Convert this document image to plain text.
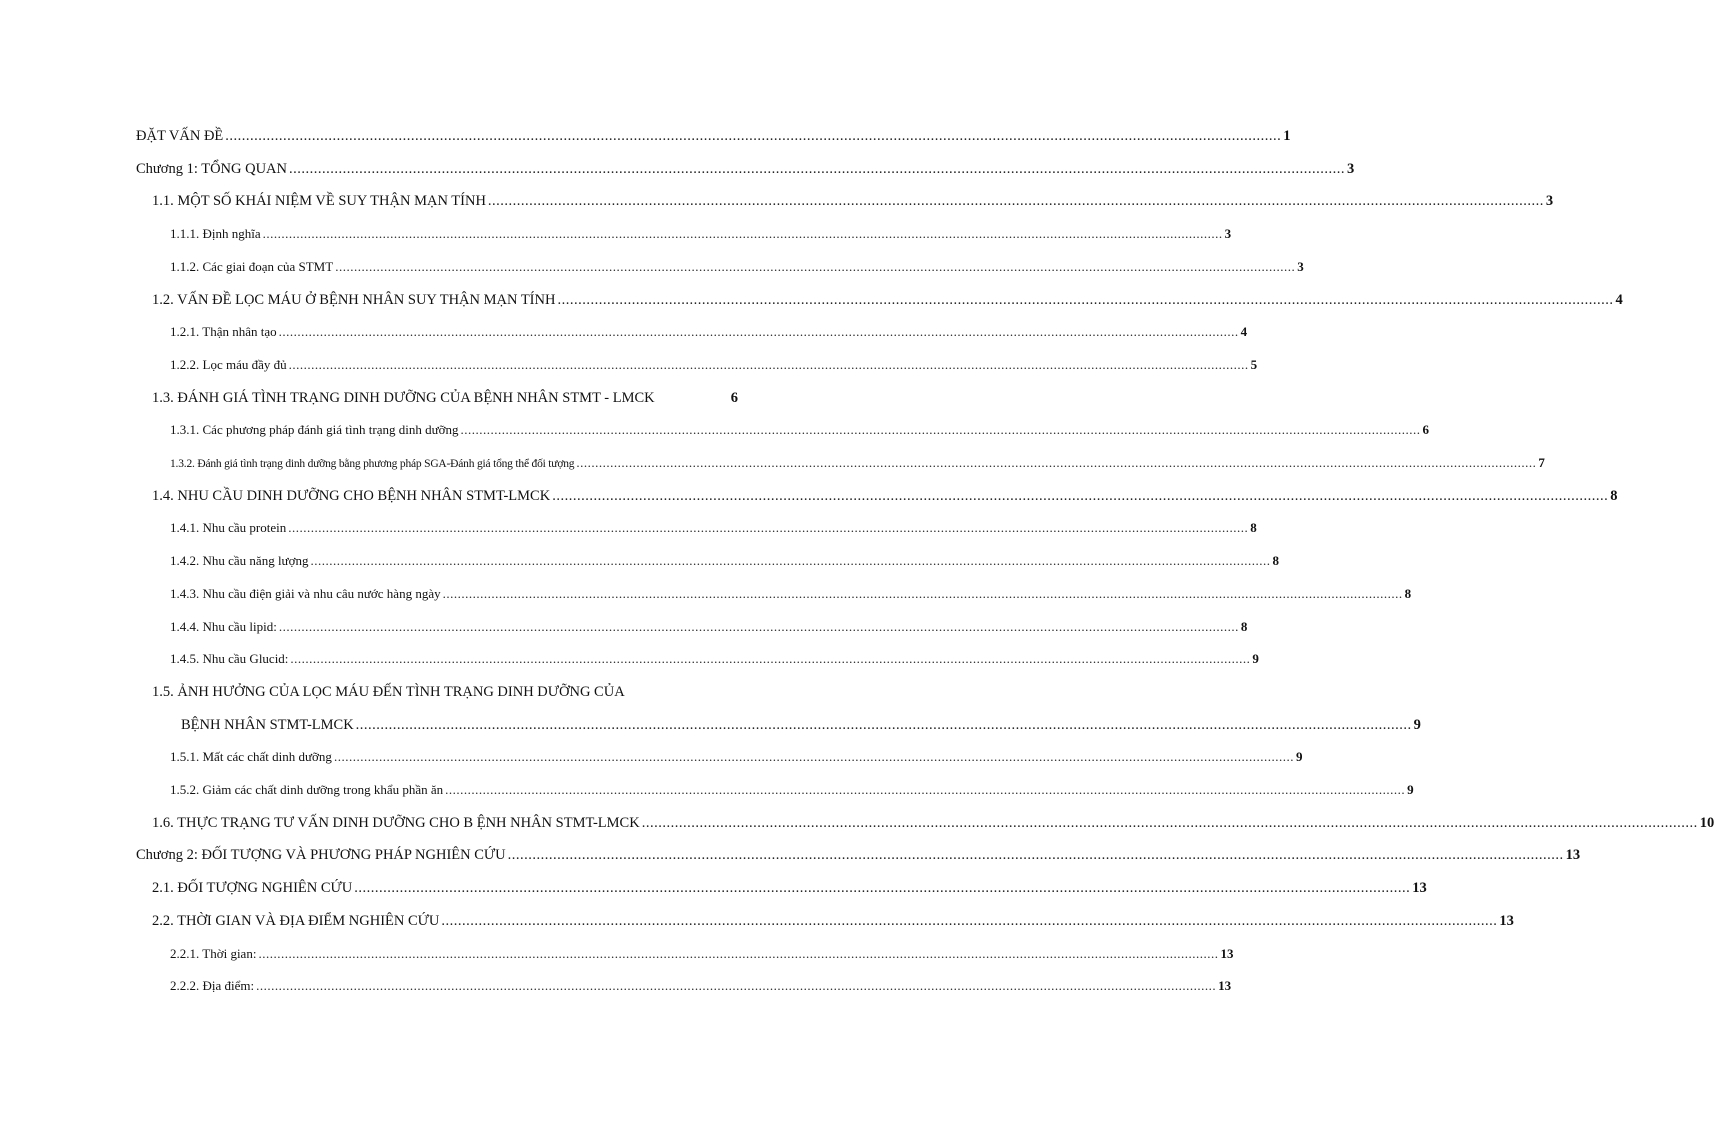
ĐẶT VẤN ĐỀ .....	1
Chương 1: TỔNG QUAN .....	3
1.1. MỘT SỐ KHÁI NIỆM VỀ SUY THẬN MẠN TÍNH .....	3
1.1.1. Định nghĩa .....	3
1.1.2. Các giai đoạn của STMT .....	3
1.2. VẤN ĐỀ LỌC MÁU Ở BỆNH NHÂN SUY THẬN MẠN TÍNH .....	4
1.2.1. Thận nhân tạo .....	4
1.2.2. Lọc máu đầy đủ .....	5
1.3. ĐÁNH GIÁ TÌNH TRẠNG DINH DƯỠNG CỦA BỆNH NHÂN STMT - LMCK	6
1.3.1. Các phương pháp đánh giá tình trạng dinh dưỡng .....	6
1.3.2. Đánh giá tình trạng dinh dưỡng bằng phương pháp SGA-Đánh giá tổng thể đối tượng .....	7
1.4. NHU CẦU DINH DƯỠNG CHO BỆNH NHÂN STMT-LMCK .....	8
1.4.1. Nhu cầu protein .....	8
1.4.2. Nhu cầu năng lượng .....	8
1.4.3. Nhu cầu điện giải và nhu câu nước hàng ngày .....	8
1.4.4. Nhu cầu lipid: .....	8
1.4.5. Nhu cầu Glucid: .....	9
1.5. ẢNH HƯỞNG CỦA LỌC MÁU ĐẾN TÌNH TRẠNG DINH DƯỠNG CỦA
BỆNH NHÂN STMT-LMCK .....	9
1.5.1. Mất các chất dinh dưỡng .....	9
1.5.2. Giảm các chất dinh dưỡng trong khẩu phần ăn .....	9
1.6. THỰC TRẠNG TƯ VẤN DINH DƯỠNG CHO B ỆNH NHÂN STMT-LMCK .....	10
Chương 2: ĐỐI TƯỢNG VÀ PHƯƠNG PHÁP NGHIÊN CỨU .....	13
2.1. ĐỐI TƯỢNG NGHIÊN CỨU .....	13
2.2. THỜI GIAN VÀ ĐỊA ĐIỂM NGHIÊN CỨU .....	13
2.2.1. Thời gian: .....	13
2.2.2. Địa điểm: .....	13
